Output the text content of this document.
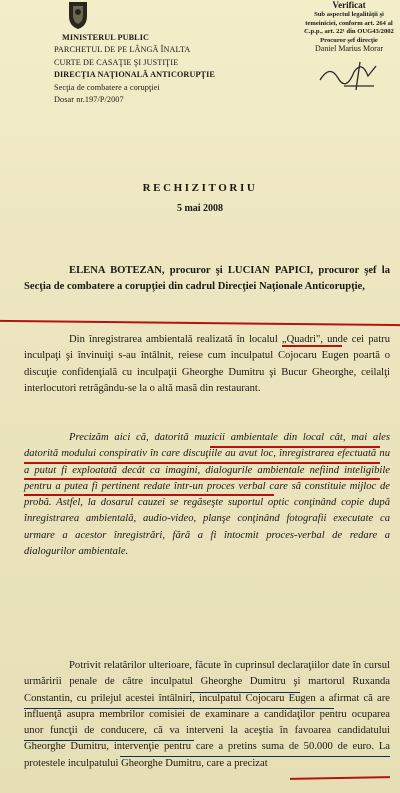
MINISTERUL PUBLIC
PARCHETUL DE PE LÂNGĂ ÎNALTA
CURTE DE CASAŢIE ŞI JUSTIŢIE
DIRECŢIA NAŢIONALĂ ANTICORUPŢIE
Secţia de combatere a corupţiei
Dosar nr.197/P/2007
Verificat
Sub aspectul legalităţii şi
temeiniciei, conform art. 264 al
C.p.p., art. 22¹ din OUG43/2002
Procuror şef direcţie
Daniel Marius Morar
RECHIZITORIU
5 mai 2008
ELENA BOTEZAN, procuror şi LUCIAN PAPICI, procuror şef la Secţia de combatere a corupţiei din cadrul Direcţiei Naţionale Anticorupţie,
Din înregistrarea ambientală realizată în localul „Quadri", unde cei patru inculpaţi şi învinuiţi s-au întâlnit, reiese cum inculpatul Cojocaru Eugen poartă o discuţie confidenţială cu inculpaţii Gheorghe Dumitru şi Bucur Gheorghe, ceilalţi interlocutori retrăgându-se la o altă masă din restaurant.
Precizăm aici că, datorită muzicii ambientale din local cât, mai ales datorită modului conspirativ în care discuţiile au avut loc, înregistrarea efectuată nu a putut fi exploatată decât ca imagini, dialogurile ambientale nefiind inteligibile pentru a putea fi pertinent redate într-un proces verbal care să constituie mijloc de probă. Astfel, la dosarul cauzei se regăseşte suportul optic conţinând copie după înregistrarea ambientală, audio-video, planşe conţinând fotografii executate ca urmare a acestor înregistrări, fără a fi întocmit proces-verbal de redare a dialogurilor ambientale.
Potrivit relatărilor ulterioare, făcute în cuprinsul declaraţiilor date în cursul urmăririi penale de către inculpatul Gheorghe Dumitru şi martorul Ruxanda Constantin, cu prilejul acestei întâlniri, inculpatul Cojocaru Eugen a afirmat că are influenţă asupra membrilor comisiei de examinare a candidaţilor pentru ocuparea unor funcţii de conducere, că va interveni la aceştia în favoarea candidatului Gheorghe Dumitru, intervenţie pentru care a pretins suma de 50.000 de euro. La protestele inculpatului Gheorghe Dumitru, care a precizat
